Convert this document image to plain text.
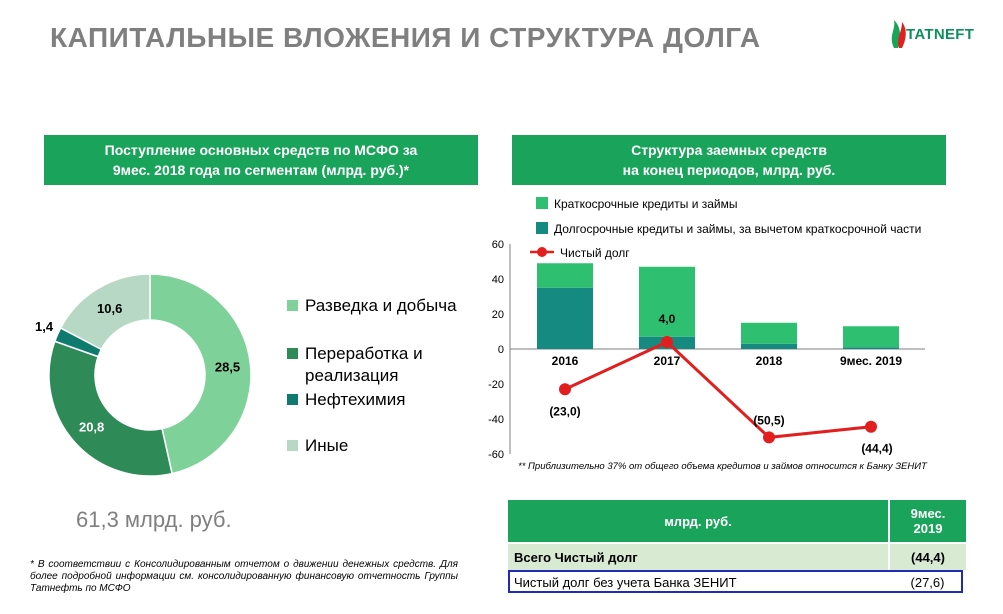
КАПИТАЛЬНЫЕ ВЛОЖЕНИЯ И СТРУКТУРА ДОЛГА	TATNEFT
Поступление основных средств по МСФО за
9мес. 2018 года по сегментам (млрд. руб.)*
Структура заемных средств
на конец периодов, млрд. руб.
28,5
20,8
1,4
10,6	Разведка и добыча
Переработка и
реализация
Нефтехимия
Иные
61,3 млрд. руб.
* В соответствии с Консолидированным отчетом о движении денежных средств. Для более подробной информации см. консолидированную финансовую отчетность Группы Татнефть по МСФО
Краткосрочные кредиты и займы
Долгосрочные кредиты и займы, за вычетом краткосрочной части
Чистый долг
60
40
20
0
-20
-40
-60
2016	2017	2018	9мес. 2019
(23,0)
4,0
(50,5)
(44,4)
** Приблизительно 37% от общего объема кредитов и займов относится к Банку ЗЕНИТ
млрд. руб.	9мес.
2019

Всего Чистый долг	(44,4)
Чистый долг без учета Банка ЗЕНИТ	(27,6)
